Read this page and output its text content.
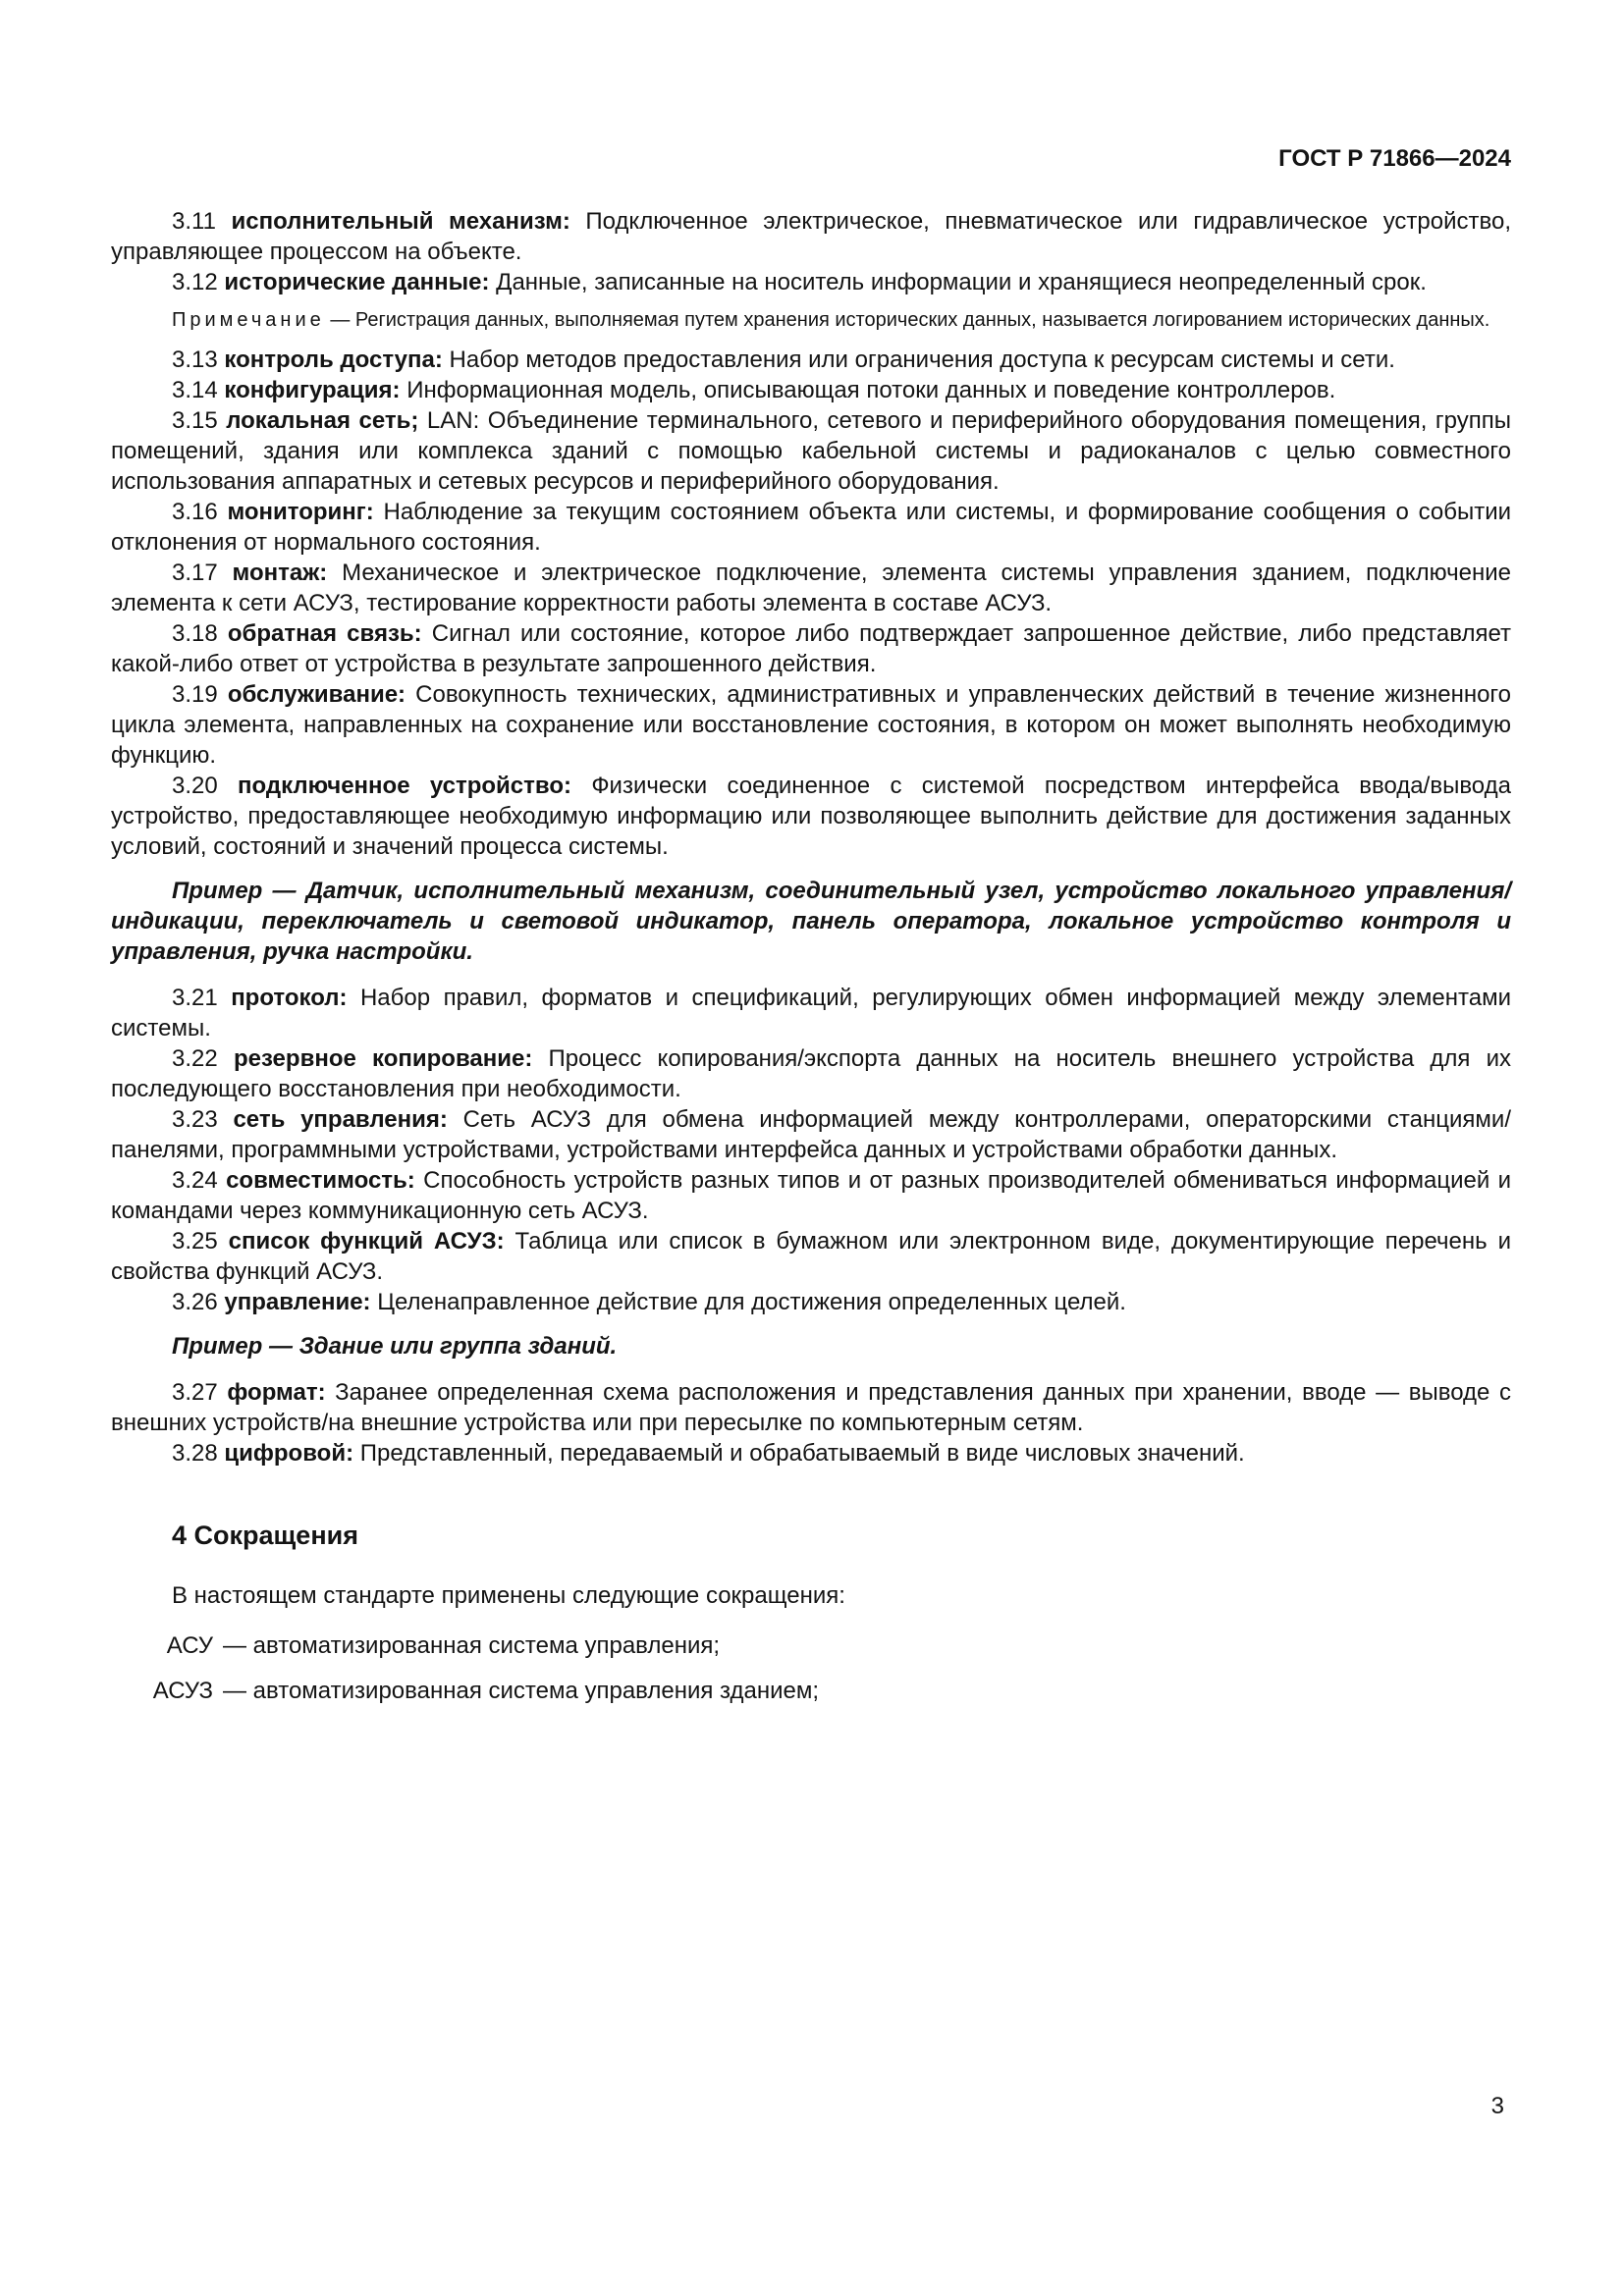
ГОСТ Р 71866—2024

3.11 исполнительный механизм: Подключенное электрическое, пневматическое или гидравлическое устройство, управляющее процессом на объекте.

3.12 исторические данные: Данные, записанные на носитель информации и хранящиеся неопределенный срок.

Примечание — Регистрация данных, выполняемая путем хранения исторических данных, называется логированием исторических данных.

3.13 контроль доступа: Набор методов предоставления или ограничения доступа к ресурсам системы и сети.

3.14 конфигурация: Информационная модель, описывающая потоки данных и поведение контроллеров.

3.15 локальная сеть; LAN: Объединение терминального, сетевого и периферийного оборудования помещения, группы помещений, здания или комплекса зданий с помощью кабельной системы и радиоканалов с целью совместного использования аппаратных и сетевых ресурсов и периферийного оборудования.

3.16 мониторинг: Наблюдение за текущим состоянием объекта или системы, и формирование сообщения о событии отклонения от нормального состояния.

3.17 монтаж: Механическое и электрическое подключение, элемента системы управления зданием, подключение элемента к сети АСУЗ, тестирование корректности работы элемента в составе АСУЗ.

3.18 обратная связь: Сигнал или состояние, которое либо подтверждает запрошенное действие, либо представляет какой-либо ответ от устройства в результате запрошенного действия.

3.19 обслуживание: Совокупность технических, административных и управленческих действий в течение жизненного цикла элемента, направленных на сохранение или восстановление состояния, в котором он может выполнять необходимую функцию.

3.20 подключенное устройство: Физически соединенное с системой посредством интерфейса ввода/вывода устройство, предоставляющее необходимую информацию или позволяющее выполнить действие для достижения заданных условий, состояний и значений процесса системы.

Пример — Датчик, исполнительный механизм, соединительный узел, устройство локального управления/индикации, переключатель и световой индикатор, панель оператора, локальное устройство контроля и управления, ручка настройки.

3.21 протокол: Набор правил, форматов и спецификаций, регулирующих обмен информацией между элементами системы.

3.22 резервное копирование: Процесс копирования/экспорта данных на носитель внешнего устройства для их последующего восстановления при необходимости.

3.23 сеть управления: Сеть АСУЗ для обмена информацией между контроллерами, операторскими станциями/панелями, программными устройствами, устройствами интерфейса данных и устройствами обработки данных.

3.24 совместимость: Способность устройств разных типов и от разных производителей обмениваться информацией и командами через коммуникационную сеть АСУЗ.

3.25 список функций АСУЗ: Таблица или список в бумажном или электронном виде, документирующие перечень и свойства функций АСУЗ.

3.26 управление: Целенаправленное действие для достижения определенных целей.

Пример — Здание или группа зданий.

3.27 формат: Заранее определенная схема расположения и представления данных при хранении, вводе — выводе с внешних устройств/на внешние устройства или при пересылке по компьютерным сетям.

3.28 цифровой: Представленный, передаваемый и обрабатываемый в виде числовых значений.

4 Сокращения

В настоящем стандарте применены следующие сокращения:

АСУ — автоматизированная система управления;

АСУЗ — автоматизированная система управления зданием;

3
